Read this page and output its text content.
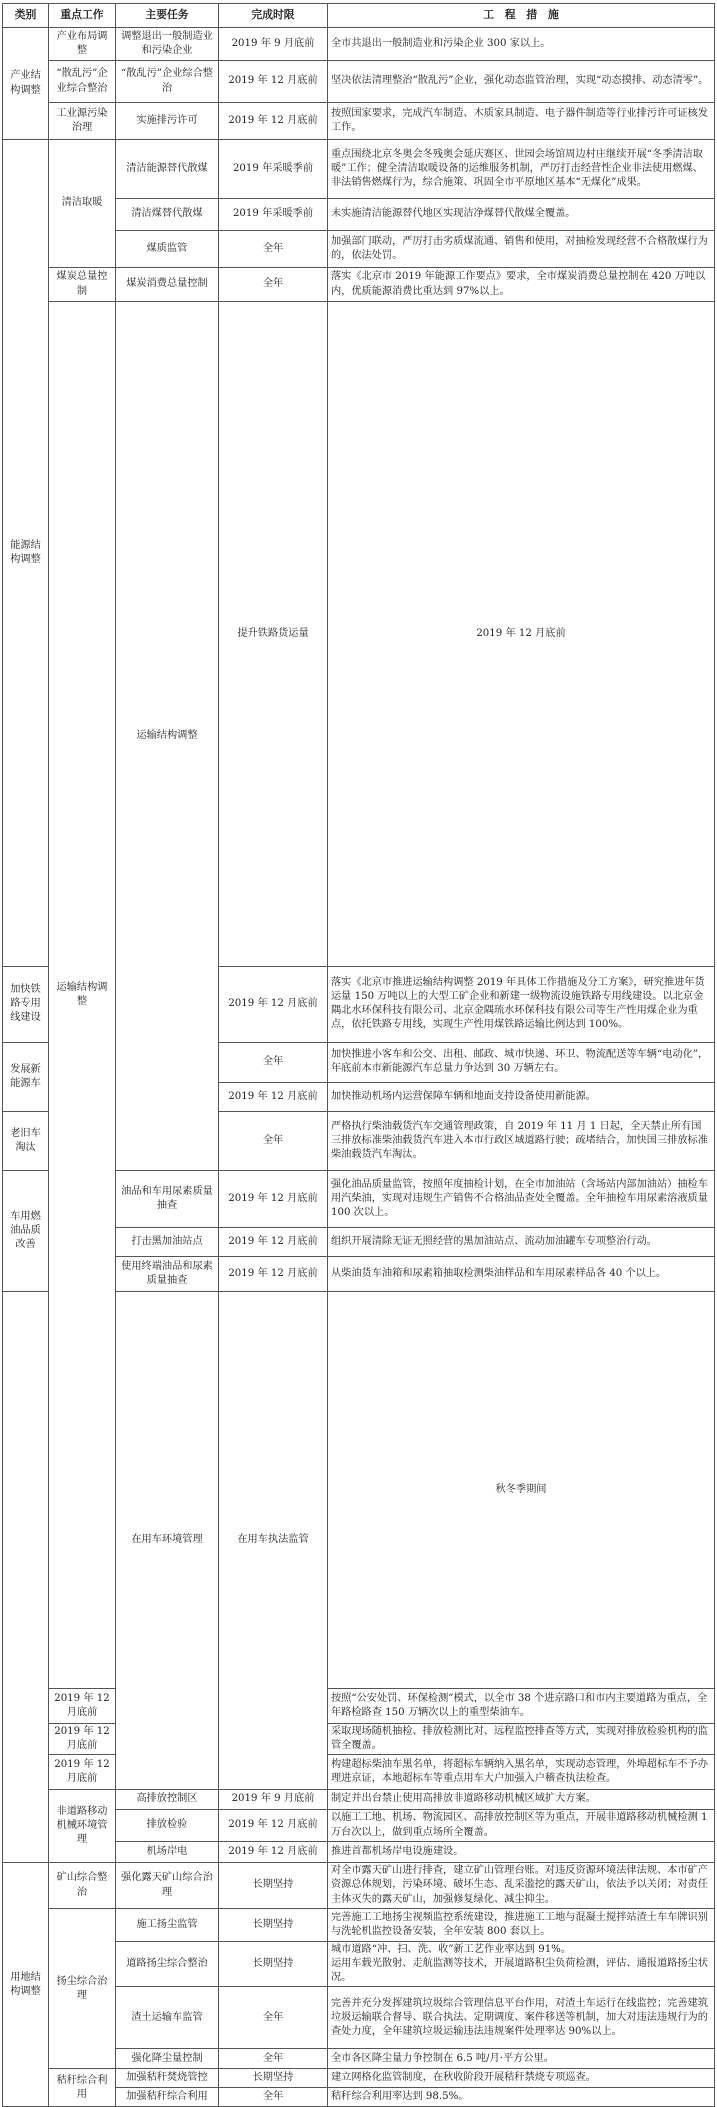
类别	重点工作	主要任务	完成时限	工　程　措　施	
产业结构调整	产业布局调整	调整退出一般制造业和污染企业	2019 年 9 月底前	全市共退出一般制造业和污染企业 300 家以上。	
	“散乱污”企业综合整治	“散乱污”企业综合整治	2019 年 12 月底前	坚决依法清理整治“散乱污”企业，强化动态监管治理，实现“动态摸排、动态清零”。	
	工业源污染治理	实施排污许可	2019 年 12 月底前	按照国家要求，完成汽车制造、木质家具制造、电子器件制造等行业排污许可证核发工作。	
能源结构调整	清洁取暖	清洁能源替代散煤	2019 年采暖季前	重点围绕北京冬奥会冬残奥会延庆赛区、世园会场馆周边村庄继续开展“冬季清洁取暖”工作；健全清洁取暖设备的运维服务机制，严厉打击经营性企业非法使用燃煤、非法销售燃煤行为，综合施策、巩固全市平原地区基本“无煤化”成果。	
		清洁煤替代散煤	2019 年采暖季前	未实施清洁能源替代地区实现洁净煤替代散煤全覆盖。	
		煤质监管	全年	加强部门联动，严厉打击劣质煤流通、销售和使用，对抽检发现经营不合格散煤行为的，依法处罚。	
	煤炭总量控制	煤炭消费总量控制	全年	落实《北京市 2019 年能源工作要点》要求，全市煤炭消费总量控制在 420 万吨以内，优质能源消费比重达到 97%以上。	
	运输结构调整	运输结构调整	提升铁路货运量	2019 年 12 月底前	
加快铁路专用线建设			2019 年 12 月底前	落实《北京市推进运输结构调整 2019 年具体工作措施及分工方案》，研究推进年货运量 150 万吨以上的大型工矿企业和新建一级物流设施铁路专用线建设。以北京金隅北水环保科技有限公司、北京金隅琉水环保科技有限公司等生产性用煤企业为重点，依托铁路专用线，实现生产性用煤铁路运输比例达到 100%。	
发展新能源车			全年	加快推进小客车和公交、出租、邮政、城市快递、环卫、物流配送等车辆“电动化”，年底前本市新能源汽车总量力争达到 30 万辆左右。	
			2019 年 12 月底前	加快推动机场内运营保障车辆和地面支持设备使用新能源。	
老旧车淘汰			全年	严格执行柴油载货汽车交通管理政策，自 2019 年 11 月 1 日起，全天禁止所有国三排放标准柴油载货汽车进入本市行政区域道路行驶；疏堵结合，加快国三排放标准柴油载货汽车淘汰。	
车用燃油品质改善		油品和车用尿素质量抽查	2019 年 12 月底前	强化油品质量监管，按照年度抽检计划，在全市加油站（含场站内部加油站）抽检车用汽柴油，实现对违规生产销售不合格油品查处全覆盖。全年抽检车用尿素溶液质量 100 次以上。	
		打击黑加油站点	2019 年 12 月底前	组织开展清除无证无照经营的黑加油站点、流动加油罐车专项整治行动。	
		使用终端油品和尿素质量抽查	2019 年 12 月底前	从柴油货车油箱和尿素箱抽取检测柴油样品和车用尿素样品各 40 个以上。	
		在用车环境管理	在用车执法监管	秋冬季期间	
	2019 年 12 月底前			按照“公安处罚、环保检测”模式，以全市 38 个进京路口和市内主要道路为重点，全年路检路查 150 万辆次以上的重型柴油车。	
	2019 年 12 月底前			采取现场随机抽检、排放检测比对、远程监控排查等方式，实现对排放检验机构的监管全覆盖。	
	2019 年 12 月底前			构建超标柴油车黑名单，将超标车辆纳入黑名单，实现动态管理，外埠超标车不予办理进京证，本地超标车等重点用车大户加强入户稽查执法检查。	
	非道路移动机械环境管理	高排放控制区	2019 年 9 月底前	制定并出台禁止使用高排放非道路移动机械区域扩大方案。	
		排放检验	2019 年 12 月底前	以施工工地、机场、物流园区、高排放控制区等为重点，开展非道路移动机械检测 1 万台次以上，做到重点场所全覆盖。	
		机场岸电	2019 年 12 月底前	推进首都机场岸电设施建设。	
用地结构调整	矿山综合整治	强化露天矿山综合治理	长期坚持	对全市露天矿山进行排查，建立矿山管理台账。对违反资源环境法律法规、本市矿产资源总体规划，污染环境、破坏生态、乱采滥挖的露天矿山，依法予以关闭；对责任主体灭失的露天矿山，加强修复绿化、减尘抑尘。	
	扬尘综合治理	施工扬尘监管	长期坚持	完善施工工地扬尘视频监控系统建设，推进施工工地与混凝土搅拌站渣土车车牌识别与洗轮机监控设备安装，全年安装 800 套以上。	
		道路扬尘综合整治	长期坚持	城市道路“冲、扫、洗、收”新工艺作业率达到 91%。
运用车载光散射、走航监测等技术，开展道路积尘负荷检测，评估、通报道路扬尘状况。	

		渣土运输车监管	全年	完善并充分发挥建筑垃圾综合管理信息平台作用，对渣土车运行在线监控；完善建筑垃圾运输联合督导、联合执法、定期调度、案件移送等机制，加大对违法违规行为的查处力度，全年建筑垃圾运输违法违规案件处理率达 90%以上。	
		强化降尘量控制	全年	全市各区降尘量力争控制在 6.5 吨/月·平方公里。	
	秸秆综合利用	加强秸秆焚烧管控	长期坚持	建立网格化监管制度，在秋收阶段开展秸秆禁烧专项巡查。	
		加强秸秆综合利用	全年	秸秆综合利用率达到 98.5%。	
